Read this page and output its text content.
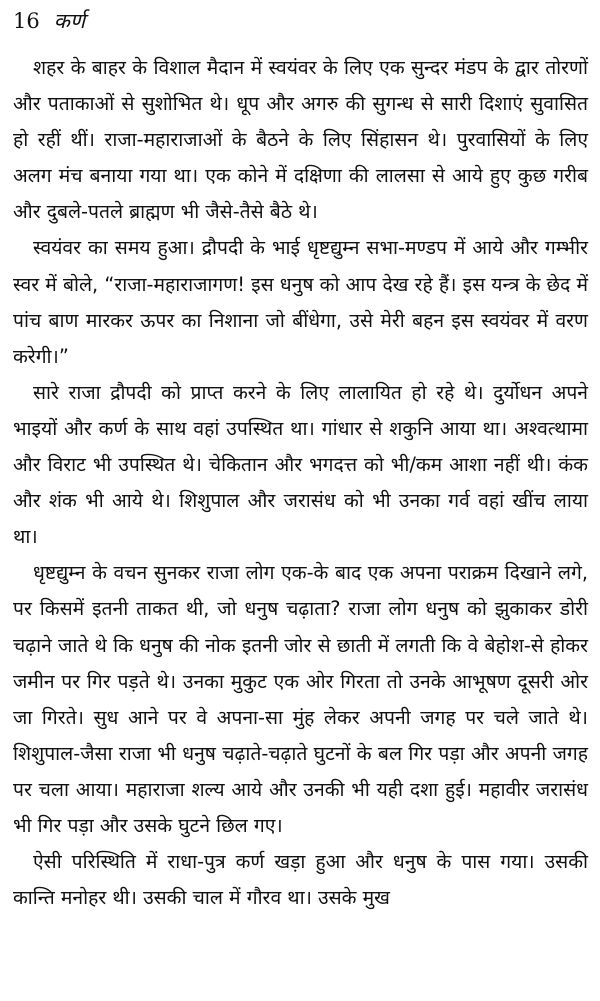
16 कर्ण

शहर के बाहर के विशाल मैदान में स्वयंवर के लिए एक सुन्दर मंडप के द्वार तोरणों और पताकाओं से सुशोभित थे। धूप और अगरु की सुगन्ध से सारी दिशाएं सुवासित हो रहीं थीं। राजा-महाराजाओं के बैठने के लिए सिंहासन थे। पुरवासियों के लिए अलग मंच बनाया गया था। एक कोने में दक्षिणा की लालसा से आये हुए कुछ गरीब और दुबले-पतले ब्राह्मण भी जैसे-तैसे बैठे थे।

स्वयंवर का समय हुआ। द्रौपदी के भाई धृष्टद्युम्न सभा-मण्डप में आये और गम्भीर स्वर में बोले, “राजा-महाराजागण! इस धनुष को आप देख रहे हैं। इस यन्त्र के छेद में पांच बाण मारकर ऊपर का निशाना जो बींधेगा, उसे मेरी बहन इस स्वयंवर में वरण करेगी।”

सारे राजा द्रौपदी को प्राप्त करने के लिए लालायित हो रहे थे। दुर्योधन अपने भाइयों और कर्ण के साथ वहां उपस्थित था। गांधार से शकुनि आया था। अश्वत्थामा और विराट भी उपस्थित थे। चेकितान और भगदत्त को भी/कम आशा नहीं थी। कंक और शंक भी आये थे। शिशुपाल और जरासंध को भी उनका गर्व वहां खींच लाया था।

धृष्टद्युम्न के वचन सुनकर राजा लोग एक-के बाद एक अपना पराक्रम दिखाने लगे, पर किसमें इतनी ताकत थी, जो धनुष चढ़ाता? राजा लोग धनुष को झुकाकर डोरी चढ़ाने जाते थे कि धनुष की नोक इतनी जोर से छाती में लगती कि वे बेहोश-से होकर जमीन पर गिर पड़ते थे। उनका मुकुट एक ओर गिरता तो उनके आभूषण दूसरी ओर जा गिरते। सुध आने पर वे अपना-सा मुंह लेकर अपनी जगह पर चले जाते थे। शिशुपाल-जैसा राजा भी धनुष चढ़ाते-चढ़ाते घुटनों के बल गिर पड़ा और अपनी जगह पर चला आया। महाराजा शल्य आये और उनकी भी यही दशा हुई। महावीर जरासंध भी गिर पड़ा और उसके घुटने छिल गए।

ऐसी परिस्थिति में राधा-पुत्र कर्ण खड़ा हुआ और धनुष के पास गया। उसकी कान्ति मनोहर थी। उसकी चाल में गौरव था। उसके मुख
